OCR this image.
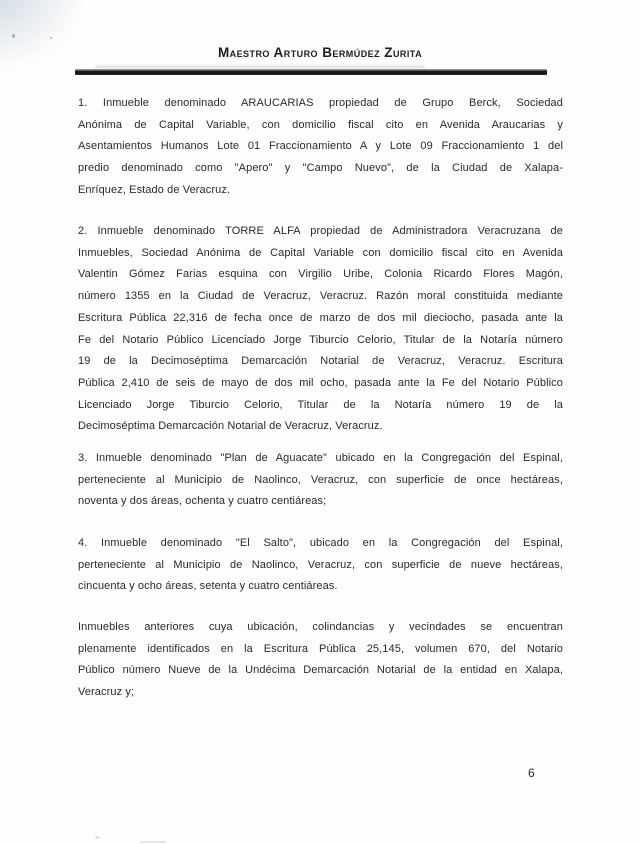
Maestro Arturo Bermúdez Zurita
1. Inmueble denominado ARAUCARIAS propiedad de Grupo Berck, Sociedad
Anónima de Capital Variable, con domicilio fiscal cito en Avenida Araucarias y
Asentamientos Humanos Lote 01 Fraccionamiento A y Lote 09 Fraccionamiento 1 del
predio denominado como "Apero" y "Campo Nuevo", de la Ciudad de Xalapa-
Enríquez, Estado de Veracruz.
2. Inmueble denominado TORRE ALFA propiedad de Administradora Veracruzana de
Inmuebles, Sociedad Anónima de Capital Variable con domicilio fiscal cito en Avenida
Valentin Gómez Farias esquina con Virgilio Uribe, Colonia Ricardo Flores Magón,
número 1355 en la Ciudad de Veracruz, Veracruz. Razón moral constituida mediante
Escritura Pública 22,316 de fecha once de marzo de dos mil dieciocho, pasada ante la
Fe del Notario Público Licenciado Jorge Tiburcio Celorio, Titular de la Notaría número
19 de la Decimoséptima Demarcación Notarial de Veracruz, Veracruz. Escritura
Pública 2,410 de seis de mayo de dos mil ocho, pasada ante la Fe del Notario Público
Licenciado Jorge Tiburcio Celorio, Titular de la Notaría número 19 de la
Decimoséptima Demarcación Notarial de Veracruz, Veracruz.
3. Inmueble denominado "Plan de Aguacate" ubicado en la Congregación del Espinal,
perteneciente al Municipio de Naolinco, Veracruz, con superficie de once hectáreas,
noventa y dos áreas, ochenta y cuatro centiáreas;
4. Inmueble denominado "El Salto", ubicado en la Congregación del Espinal,
perteneciente al Municipio de Naolinco, Veracruz, con superficie de nueve hectáreas,
cincuenta y ocho áreas, setenta y cuatro centiáreas.
Inmuebles anteriores cuya ubicación, colindancias y vecindades se encuentran
plenamente identificados en la Escritura Pública 25,145, volumen 670, del Notario
Público número Nueve de la Undécima Demarcación Notarial de la entidad en Xalapa,
Veracruz y;
6
